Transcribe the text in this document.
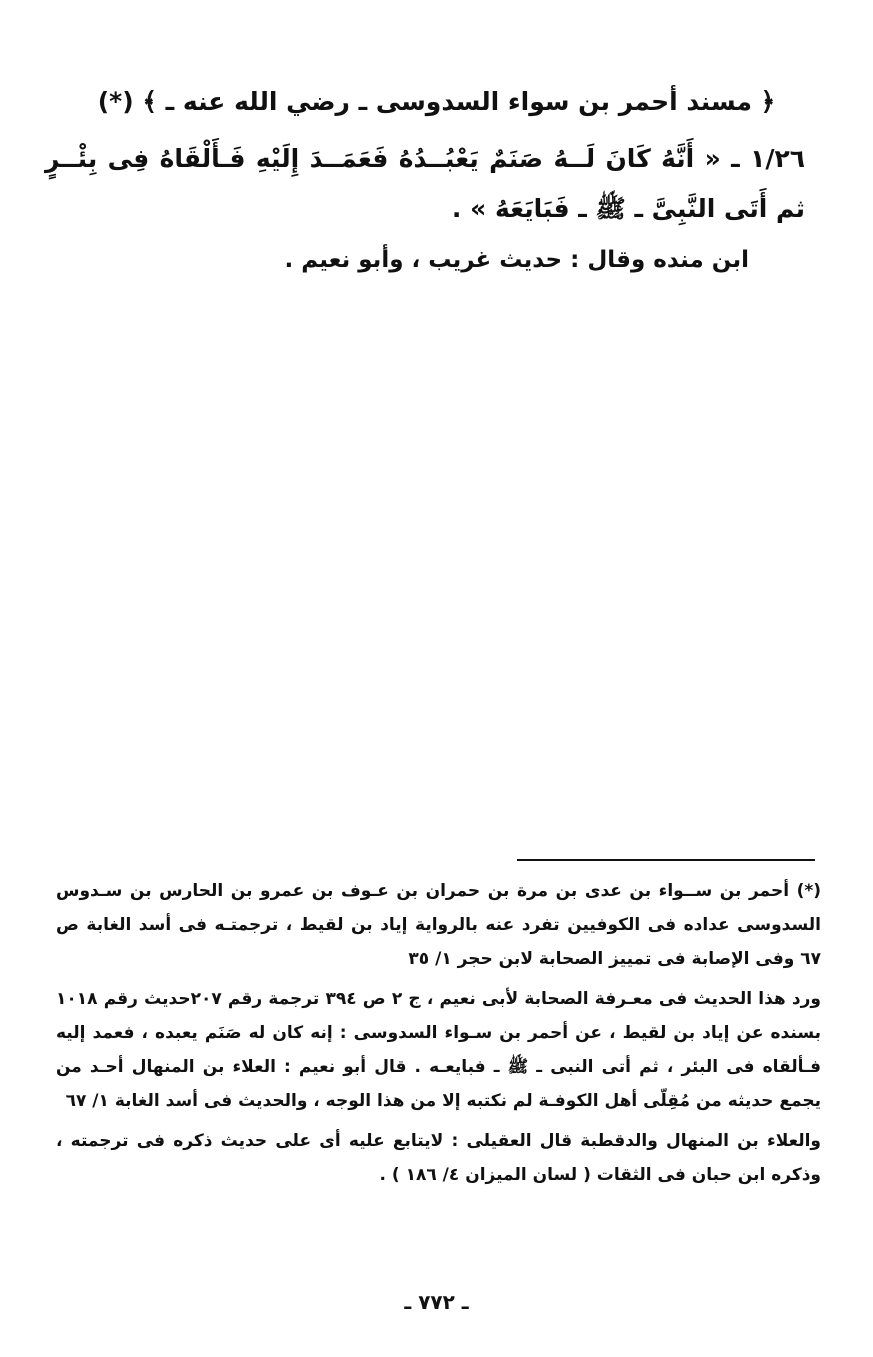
﴿ مسند أحمر بن سواء السدوسى ـ رضي الله عنه ـ ﴾ (*)
١/٢٦ ـ « أَنَّهُ كَانَ لَــهُ صَنَمٌ يَعْبُــدُهُ فَعَمَــدَ إِلَيْهِ فَـأَلْقَاهُ فِى بِئْــرٍ ثم أَتَى النَّبِىَّ ـ ﷺ ـ فَبَايَعَهُ » .
ابن منده وقال : حديث غريب ، وأبو نعيم .

(*) أحمر بن ســواء بن عدى بن مرة بن حمران بن عـوف بن عمرو بن الحارس بن سـدوس السدوسى عداده فى الكوفيين تفرد عنه بالرواية إياد بن لقيط ، ترجمتـه فى أسد الغابة ص ٦٧ وفى الإصابة فى تمييز الصحابة لابن حجر ١/ ٣٥

ورد هذا الحديث فى معـرفة الصحابة لأبى نعيم ، ج ٢ ص ٣٩٤ ترجمة رقم ٢٠٧حديث رقم ١٠١٨ بسنده عن إياد بن لقيط ، عن أحمر بن سـواء السدوسى : إنه كان له صَنَم يعبده ، فعمد إليه فـألقاه فى البئر ، ثم أتى النبى ـ ﷺ ـ فبايعـه . قال أبو نعيم : العلاء بن المنهال أحـد من يجمع حديثه من مُقِلّى أهل الكوفـة لم نكتبه إلا من هذا الوجه ، والحديث فى أسد الغابة ١/ ٦٧

والعلاء بن المنهال والدقطبة قال العقيلى : لايتابع عليه أى على حديث ذكره فى ترجمته ، وذكره ابن حبان فى الثقات ( لسان الميزان ٤/ ١٨٦ ) .

ـ ٧٧٢ ـ
